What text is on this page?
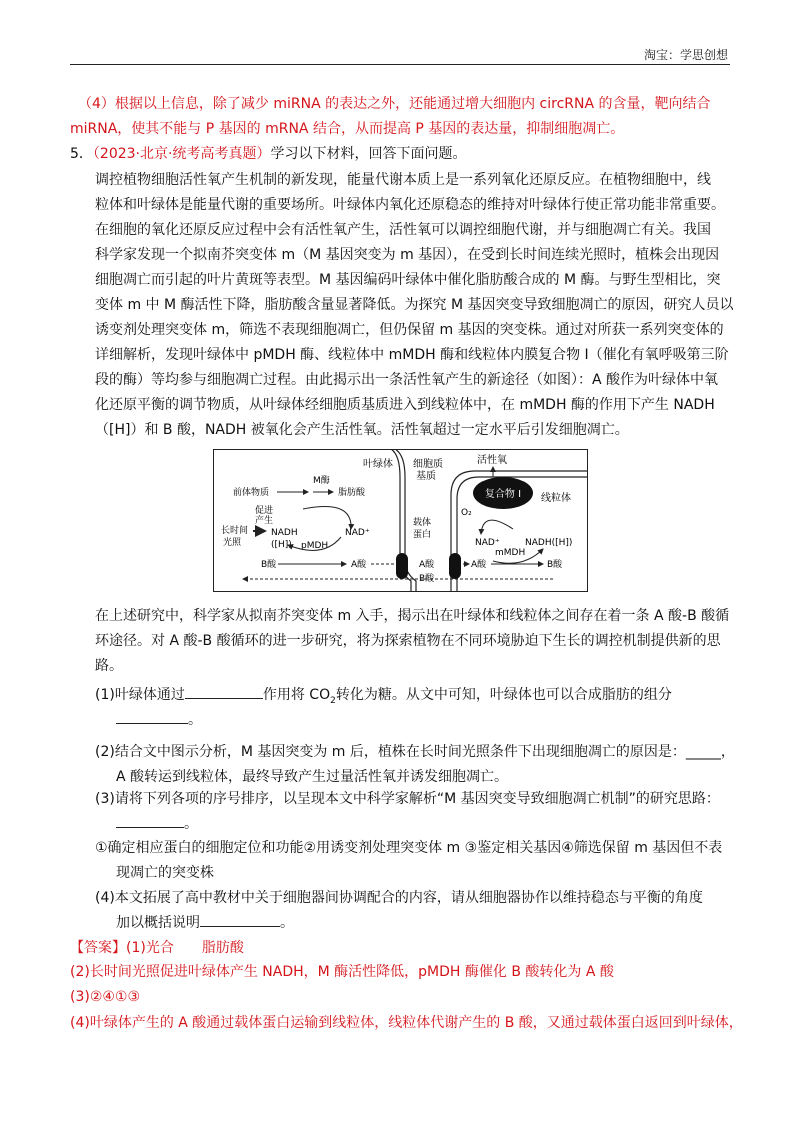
淘宝：学思创想
（4）根据以上信息，除了减少 miRNA 的表达之外，还能通过增大细胞内 circRNA 的含量，靶向结合
miRNA，使其不能与 P 基因的 mRNA 结合，从而提高 P 基因的表达量，抑制细胞凋亡。
5．（2023·北京·统考高考真题）学习以下材料，回答下面问题。
调控植物细胞活性氧产生机制的新发现，能量代谢本质上是一系列氧化还原反应。在植物细胞中，线
粒体和叶绿体是能量代谢的重要场所。叶绿体内氧化还原稳态的维持对叶绿体行使正常功能非常重要。
在细胞的氧化还原反应过程中会有活性氧产生，活性氧可以调控细胞代谢，并与细胞凋亡有关。我国
科学家发现一个拟南芥突变体 m（M 基因突变为 m 基因），在受到长时间连续光照时，植株会出现因
细胞凋亡而引起的叶片黄斑等表型。M 基因编码叶绿体中催化脂肪酸合成的 M 酶。与野生型相比，突
变体 m 中 M 酶活性下降，脂肪酸含量显著降低。为探究 M 基因突变导致细胞凋亡的原因，研究人员以
诱变剂处理突变体 m，筛选不表现细胞凋亡，但仍保留 m 基因的突变株。通过对所获一系列突变体的
详细解析，发现叶绿体中 pMDH 酶、线粒体中 mMDH 酶和线粒体内膜复合物 I（催化有氧呼吸第三阶
段的酶）等均参与细胞凋亡过程。由此揭示出一条活性氧产生的新途径（如图）：A 酸作为叶绿体中氧
化还原平衡的调节物质，从叶绿体经细胞质基质进入到线粒体中，在 mMDH 酶的作用下产生 NADH
（[H]）和 B 酸，NADH 被氧化会产生活性氧。活性氧超过一定水平后引发细胞凋亡。
复合物 I
叶绿体 细胞质
基质
活性氧
线粒体
前体物质
M酶
脂肪酸
促进
产生
长时间
光照
NADH
([H])
NAD⁺
pMDH
载体
蛋白
O₂
NAD⁺	NADH([H])
mMDH
B酸	A酸	A酸
B酸
A酸	B酸
在上述研究中，科学家从拟南芥突变体 m 入手，揭示出在叶绿体和线粒体之间存在着一条 A 酸-B 酸循
环途径。对 A 酸-B 酸循环的进一步研究，将为探索植物在不同环境胁迫下生长的调控机制提供新的思
路。
(1)叶绿体通过	作用将 $CO_2$转化为糖。从文中可知，叶绿体也可以合成脂肪的组分
。
(2)结合文中图示分析，M 基因突变为 m 后，植株在长时间光照条件下出现细胞凋亡的原因是：_____，
A 酸转运到线粒体，最终导致产生过量活性氧并诱发细胞凋亡。
(3)请将下列各项的序号排序，以呈现本文中科学家解析“M 基因突变导致细胞凋亡机制”的研究思路：
。
①确定相应蛋白的细胞定位和功能②用诱变剂处理突变体 m ③鉴定相关基因④筛选保留 m 基因但不表
现凋亡的突变株
(4)本文拓展了高中教材中关于细胞器间协调配合的内容，请从细胞器协作以维持稳态与平衡的角度
加以概括说明	。
【答案】(1)光合 脂肪酸
(2)长时间光照促进叶绿体产生 NADH，M 酶活性降低，pMDH 酶催化 B 酸转化为 A 酸
(3)②④①③
(4)叶绿体产生的 A 酸通过载体蛋白运输到线粒体，线粒体代谢产生的 B 酸，又通过载体蛋白返回到叶绿体，
